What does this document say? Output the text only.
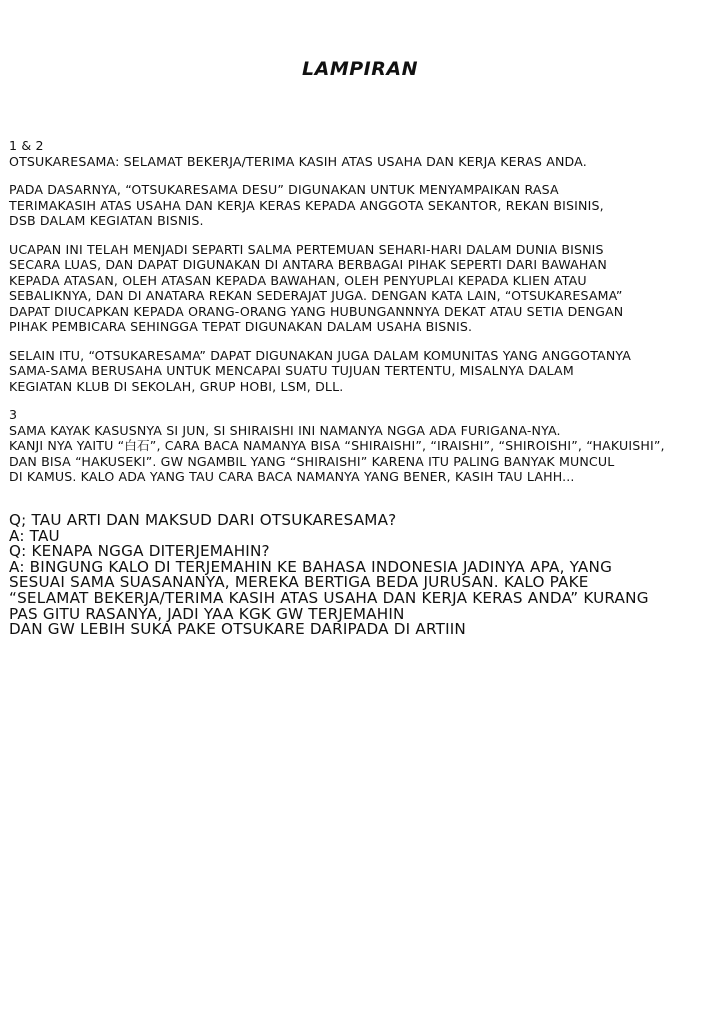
LAMPIRAN
1 & 2
OTSUKARESAMA: SELAMAT BEKERJA/TERIMA KASIH ATAS USAHA DAN KERJA KERAS ANDA.
PADA DASARNYA, “OTSUKARESAMA DESU” DIGUNAKAN UNTUK MENYAMPAIKAN RASA
TERIMAKASIH ATAS USAHA DAN KERJA KERAS KEPADA ANGGOTA SEKANTOR, REKAN BISINIS,
DSB DALAM KEGIATAN BISNIS.
UCAPAN INI TELAH MENJADI SEPARTI SALMA PERTEMUAN SEHARI-HARI DALAM DUNIA BISNIS
SECARA LUAS, DAN DAPAT DIGUNAKAN DI ANTARA BERBAGAI PIHAK SEPERTI DARI BAWAHAN
KEPADA ATASAN, OLEH ATASAN KEPADA BAWAHAN, OLEH PENYUPLAI KEPADA KLIEN ATAU
SEBALIKNYA, DAN DI ANATARA REKAN SEDERAJAT JUGA. DENGAN KATA LAIN, “OTSUKARESAMA”
DAPAT DIUCAPKAN KEPADA ORANG-ORANG YANG HUBUNGANNNYA DEKAT ATAU SETIA DENGAN
PIHAK PEMBICARA SEHINGGA TEPAT DIGUNAKAN DALAM USAHA BISNIS.
SELAIN ITU, “OTSUKARESAMA” DAPAT DIGUNAKAN JUGA DALAM KOMUNITAS YANG ANGGOTANYA
SAMA-SAMA BERUSAHA UNTUK MENCAPAI SUATU TUJUAN TERTENTU, MISALNYA DALAM
KEGIATAN KLUB DI SEKOLAH, GRUP HOBI, LSM, DLL.
3
SAMA KAYAK KASUSNYA SI JUN, SI SHIRAISHI INI NAMANYA NGGA ADA FURIGANA-NYA.
KANJI NYA YAITU “白石”, CARA BACA NAMANYA BISA “SHIRAISHI”, “IRAISHI”, “SHIROISHI”, “HAKUISHI”,
DAN BISA “HAKUSEKI”. GW NGAMBIL YANG “SHIRAISHI” KARENA ITU PALING BANYAK MUNCUL
DI KAMUS. KALO ADA YANG TAU CARA BACA NAMANYA YANG BENER, KASIH TAU LAHH...
Q; TAU ARTI DAN MAKSUD DARI OTSUKARESAMA?
A: TAU
Q: KENAPA NGGA DITERJEMAHIN?
A: BINGUNG KALO DI TERJEMAHIN KE BAHASA INDONESIA JADINYA APA, YANG
SESUAI SAMA SUASANANYA, MEREKA BERTIGA BEDA JURUSAN. KALO PAKE
“SELAMAT BEKERJA/TERIMA KASIH ATAS USAHA DAN KERJA KERAS ANDA” KURANG
PAS GITU RASANYA, JADI YAA KGK GW TERJEMAHIN
DAN GW LEBIH SUKA PAKE OTSUKARE DARIPADA DI ARTIIN
